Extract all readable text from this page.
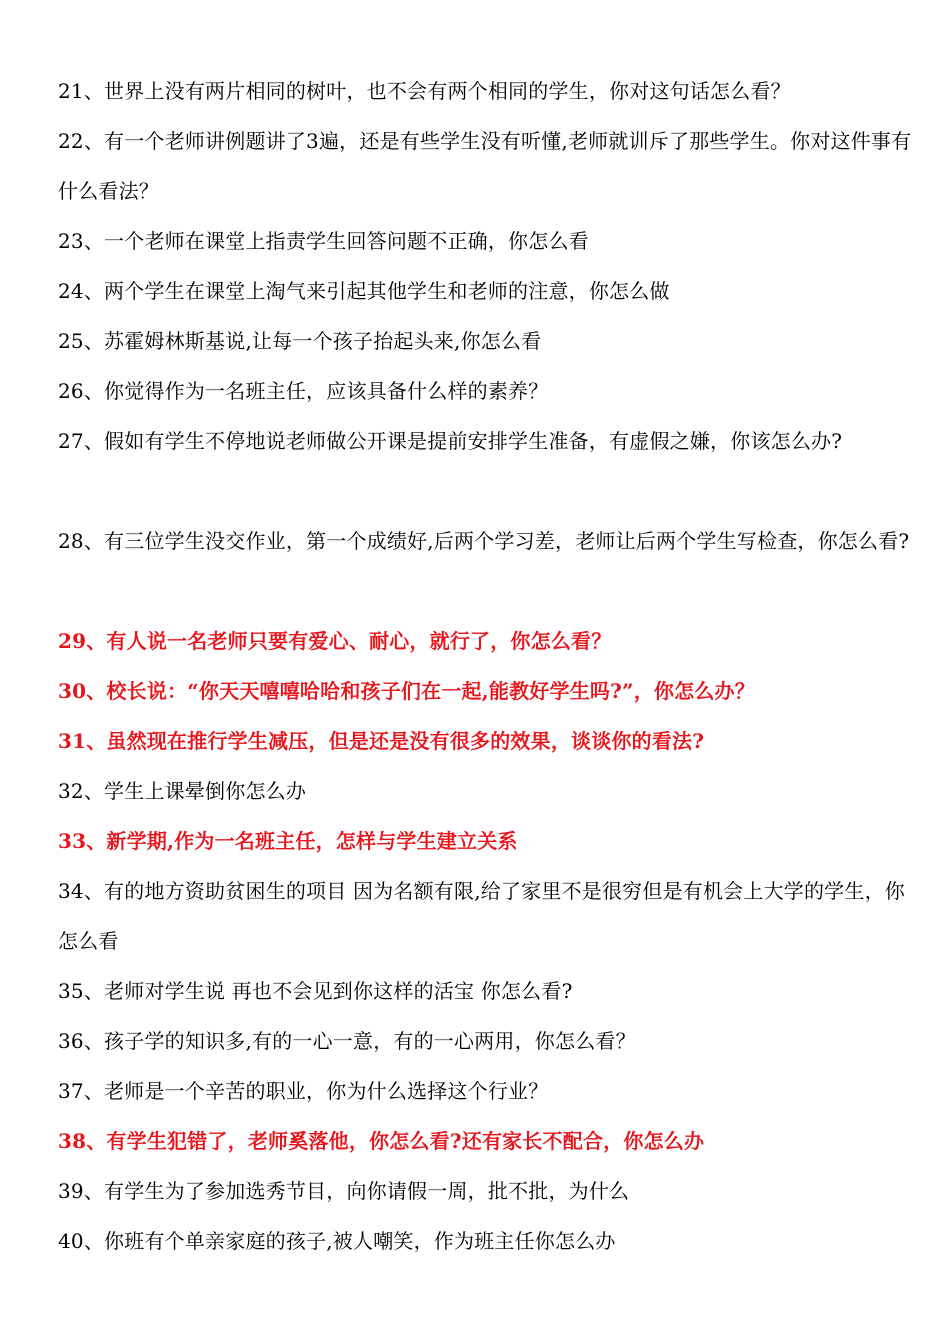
21、世界上没有两片相同的树叶，也不会有两个相同的学生，你对这句话怎么看？
22、有一个老师讲例题讲了3遍，还是有些学生没有听懂,老师就训斥了那些学生。你对这件事有什么看法？
23、一个老师在课堂上指责学生回答问题不正确，你怎么看
24、两个学生在课堂上淘气来引起其他学生和老师的注意，你怎么做
25、苏霍姆林斯基说,让每一个孩子抬起头来,你怎么看
26、你觉得作为一名班主任，应该具备什么样的素养？
27、假如有学生不停地说老师做公开课是提前安排学生准备，有虚假之嫌，你该怎么办?
28、有三位学生没交作业，第一个成绩好,后两个学习差，老师让后两个学生写检查，你怎么看?
29、有人说一名老师只要有爱心、耐心，就行了，你怎么看？
30、校长说：“你天天嘻嘻哈哈和孩子们在一起,能教好学生吗?”，你怎么办？
31、虽然现在推行学生减压，但是还是没有很多的效果，谈谈你的看法?
32、学生上课晕倒你怎么办
33、新学期,作为一名班主任，怎样与学生建立关系
34、有的地方资助贫困生的项目 因为名额有限,给了家里不是很穷但是有机会上大学的学生，你怎么看
35、老师对学生说 再也不会见到你这样的活宝 你怎么看?
36、孩子学的知识多,有的一心一意，有的一心两用，你怎么看？
37、老师是一个辛苦的职业，你为什么选择这个行业？
38、有学生犯错了，老师奚落他，你怎么看?还有家长不配合，你怎么办
39、有学生为了参加选秀节目，向你请假一周，批不批，为什么
40、你班有个单亲家庭的孩子,被人嘲笑，作为班主任你怎么办
